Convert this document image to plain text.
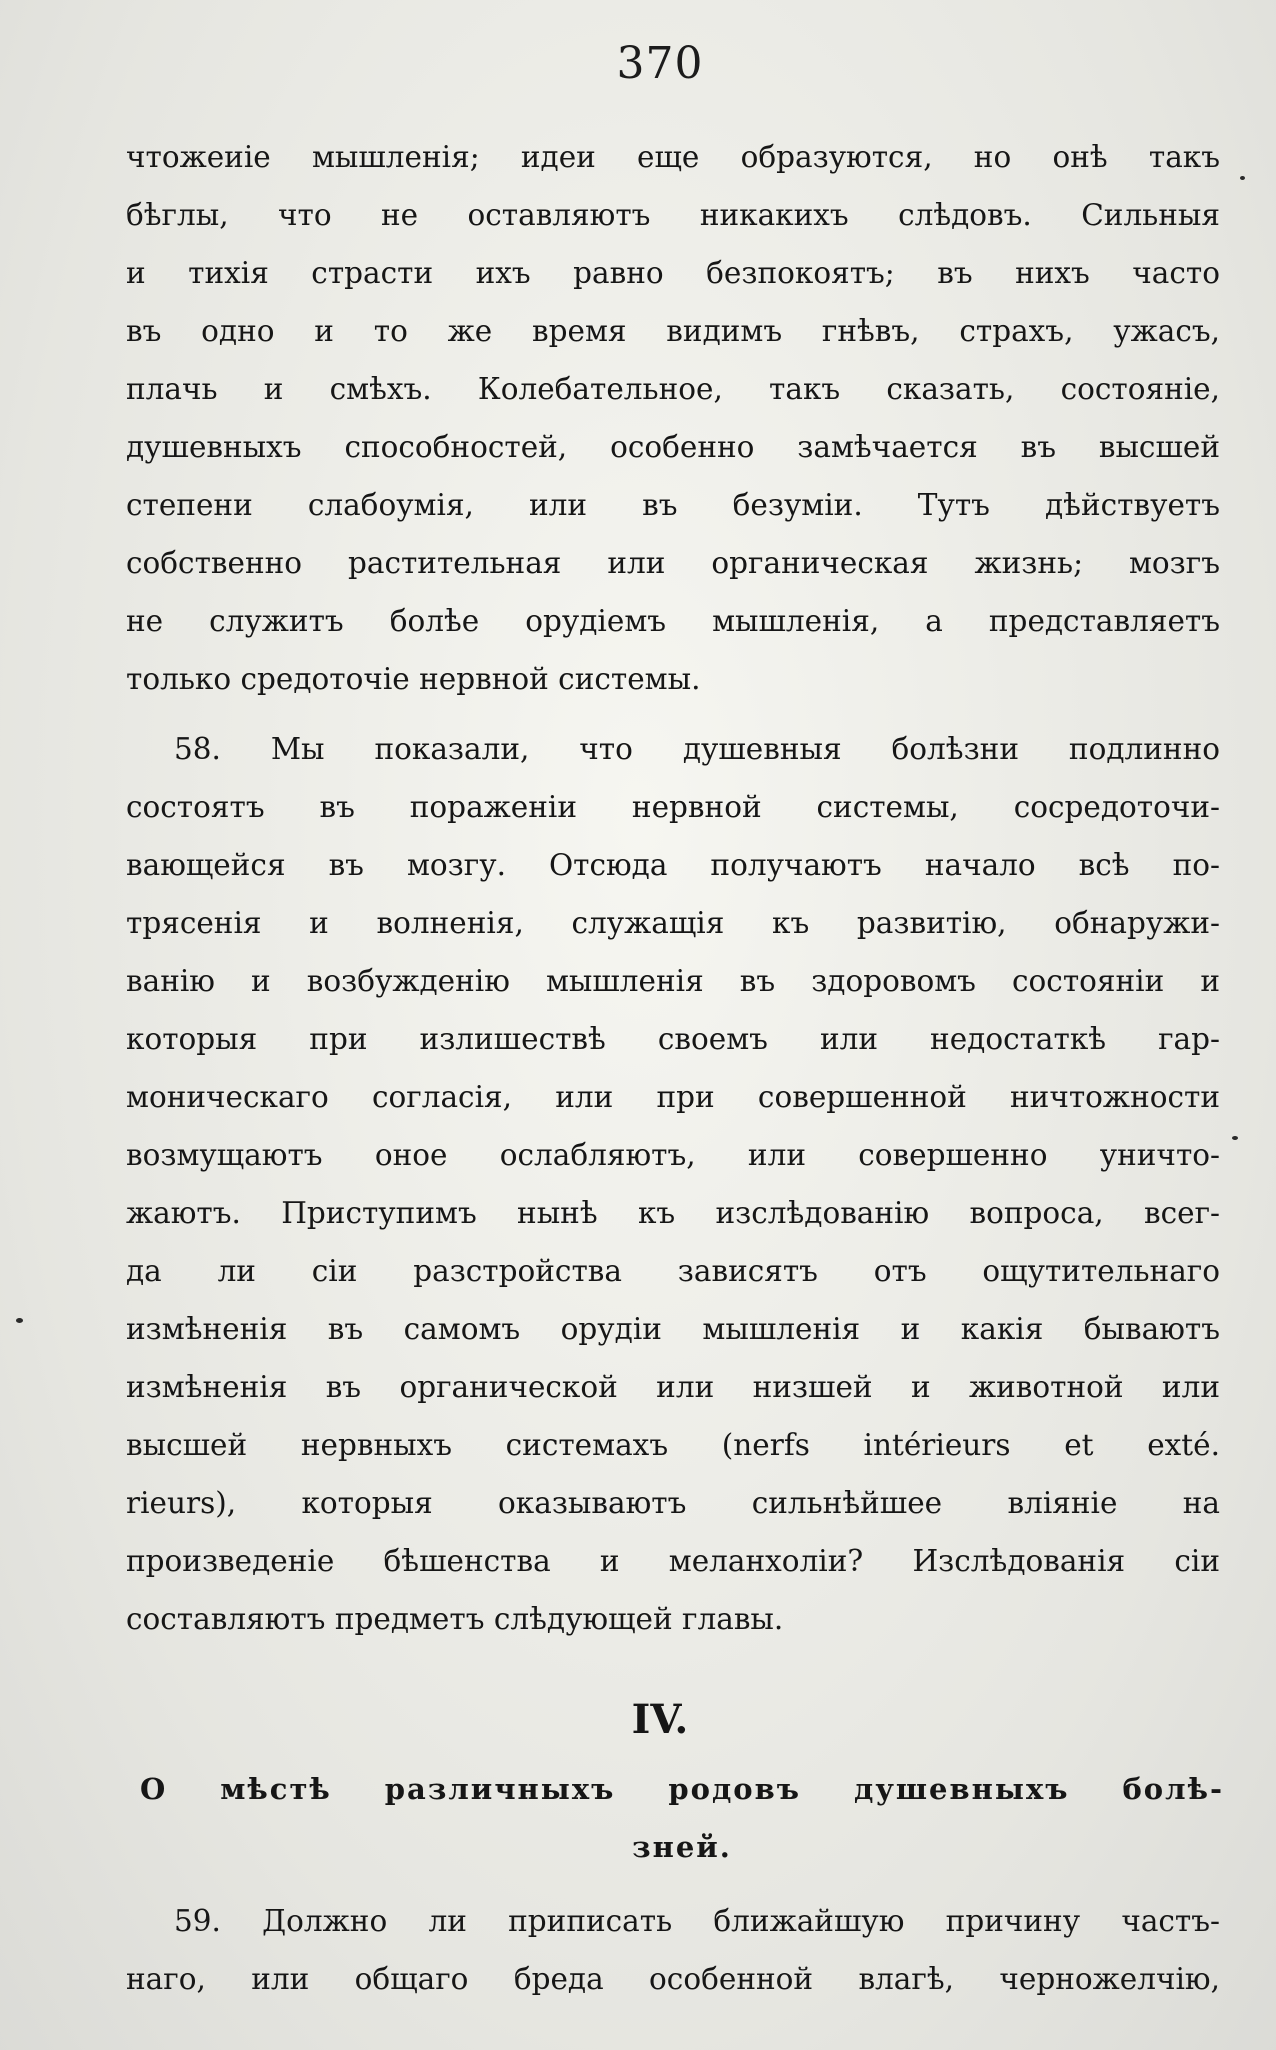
370
чтожеиіе мышленія; идеи еще образуются, но онѣ такъ
бѣглы, что не оставляютъ никакихъ слѣдовъ. Сильныя
и тихія страсти ихъ равно безпокоятъ; въ нихъ часто
въ одно и то же время видимъ гнѣвъ, страхъ, ужасъ,
плачь и смѣхъ. Колебательное, такъ сказать, состояніе,
душевныхъ способностей, особенно замѣчается въ высшей
степени слабоумія, или въ безуміи. Тутъ дѣйствуетъ
собственно растительная или органическая жизнь; мозгъ
не служитъ болѣе орудіемъ мышленія, а представляетъ
только средоточіе нервной системы.
58. Мы показали, что душевныя болѣзни подлинно
состоятъ въ пораженіи нервной системы, сосредоточи-
вающейся въ мозгу. Отсюда получаютъ начало всѣ по-
трясенія и волненія, служащія къ развитію, обнаружи-
ванію и возбужденію мышленія въ здоровомъ состояніи и
которыя при излишествѣ своемъ или недостаткѣ гар-
моническаго согласія, или при совершенной ничтожности
возмущаютъ оное ослабляютъ, или совершенно уничто-
жаютъ. Приступимъ нынѣ къ изслѣдованію вопроса, всег-
да ли сіи разстройства зависятъ отъ ощутительнаго
измѣненія въ самомъ орудіи мышленія и какія бываютъ
измѣненія въ органической или низшей и животной или
высшей нервныхъ системахъ (nerfs intérieurs et exté.
rieurs), которыя оказываютъ сильнѣйшее вліяніе на
произведеніе бѣшенства и меланхоліи? Изслѣдованія сіи
составляютъ предметъ слѣдующей главы.
IV.
О мѣстѣ различныхъ родовъ душевныхъ болѣ-
зней.
59. Должно ли приписать ближайшую причину частъ-
наго, или общаго бреда особенной влагѣ, черножелчію,
